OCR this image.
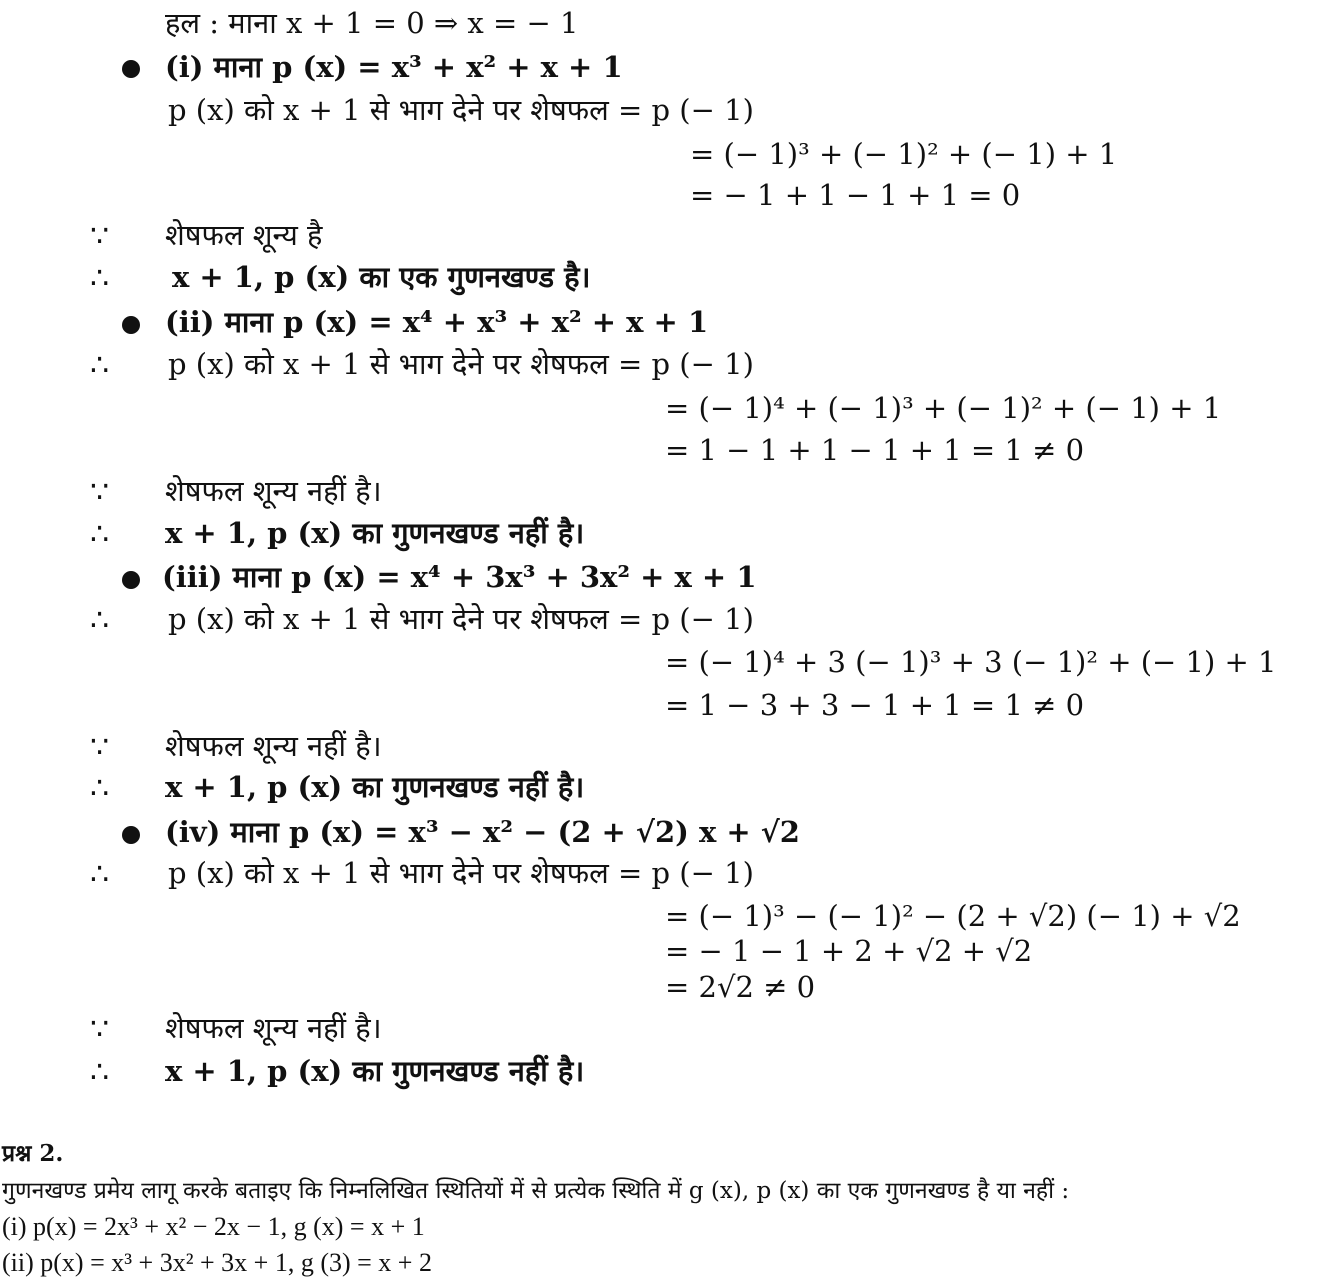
हल : माना x + 1 = 0 ⇒ x = − 1
(i) माना p (x) = x³ + x² + x + 1
p (x) को x + 1 से भाग देने पर शेषफल = p (− 1)
= (− 1)³ + (− 1)² + (− 1) + 1
= − 1 + 1 − 1 + 1 = 0
∵ शेषफल शून्य है
∴ x + 1, p (x) का एक गुणनखण्ड है।
(ii) माना p (x) = x⁴ + x³ + x² + x + 1
∴ p (x) को x + 1 से भाग देने पर शेषफल = p (− 1)
= (− 1)⁴ + (− 1)³ + (− 1)² + (− 1) + 1
= 1 − 1 + 1 − 1 + 1 = 1 ≠ 0
∵ शेषफल शून्य नहीं है।
∴ x + 1, p (x) का गुणनखण्ड नहीं है।
(iii) माना p (x) = x⁴ + 3x³ + 3x² + x + 1
∴ p (x) को x + 1 से भाग देने पर शेषफल = p (− 1)
= (− 1)⁴ + 3 (− 1)³ + 3 (− 1)² + (− 1) + 1
= 1 − 3 + 3 − 1 + 1 = 1 ≠ 0
∵ शेषफल शून्य नहीं है।
∴ x + 1, p (x) का गुणनखण्ड नहीं है।
(iv) माना p (x) = x³ − x² − (2 + √2) x + √2
∴ p (x) को x + 1 से भाग देने पर शेषफल = p (− 1)
= (− 1)³ − (− 1)² − (2 + √2) (− 1) + √2
= − 1 − 1 + 2 + √2 + √2
= 2√2 ≠ 0
∵ शेषफल शून्य नहीं है।
∴ x + 1, p (x) का गुणनखण्ड नहीं है।
प्रश्न 2.
गुणनखण्ड प्रमेय लागू करके बताइए कि निम्नलिखित स्थितियों में से प्रत्येक स्थिति में g (x), p (x) का एक गुणनखण्ड है या नहीं :
(i) p(x) = 2x³ + x² − 2x − 1, g (x) = x + 1
(ii) p(x) = x³ + 3x² + 3x + 1, g (3) = x + 2
